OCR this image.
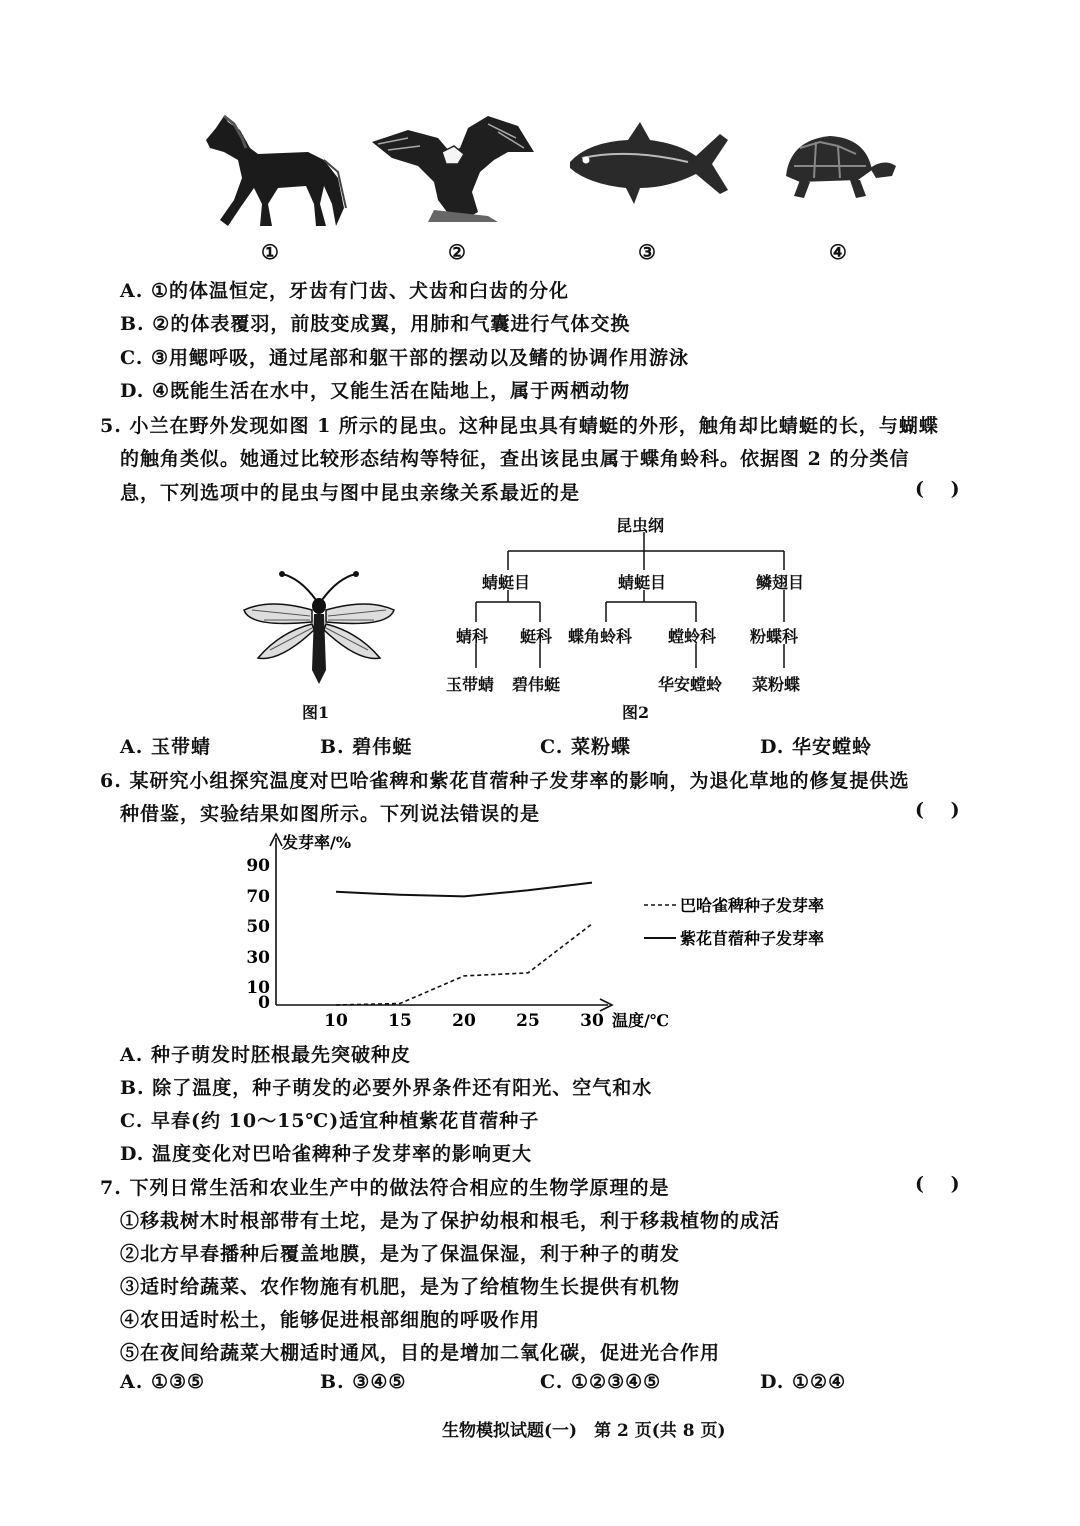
①	②	③	④
A. ①的体温恒定，牙齿有门齿、犬齿和臼齿的分化
B. ②的体表覆羽，前肢变成翼，用肺和气囊进行气体交换
C. ③用鳃呼吸，通过尾部和躯干部的摆动以及鳍的协调作用游泳
D. ④既能生活在水中，又能生活在陆地上，属于两栖动物
5. 小兰在野外发现如图 1 所示的昆虫。这种昆虫具有蜻蜓的外形，触角却比蜻蜓的长，与蝴蝶
的触角类似。她通过比较形态结构等特征，查出该昆虫属于蝶角蛉科。依据图 2 的分类信
息，下列选项中的昆虫与图中昆虫亲缘关系最近的是	( )
图1
昆虫纲
蜻蜓目	蜻蜓目	鳞翅目
蜻科 蜓科 蝶角蛉科 螳蛉科 粉蝶科
玉带蜻 碧伟蜓	华安螳蛉 菜粉蝶
图2
A. 玉带蜻	B. 碧伟蜓	C. 菜粉蝶	D. 华安螳蛉
6. 某研究小组探究温度对巴哈雀稗和紫花苜蓿种子发芽率的影响，为退化草地的修复提供选
种借鉴，实验结果如图所示。下列说法错误的是	( )
0
10
30
50
70
90
10 15 20 25 30
发芽率/%
温度/℃
巴哈雀稗种子发芽率
紫花苜蓿种子发芽率
A. 种子萌发时胚根最先突破种皮
B. 除了温度，种子萌发的必要外界条件还有阳光、空气和水
C. 早春(约 10～15℃)适宜种植紫花苜蓿种子
D. 温度变化对巴哈雀稗种子发芽率的影响更大
7. 下列日常生活和农业生产中的做法符合相应的生物学原理的是	( )
①移栽树木时根部带有土坨，是为了保护幼根和根毛，利于移栽植物的成活
②北方早春播种后覆盖地膜，是为了保温保湿，利于种子的萌发
③适时给蔬菜、农作物施有机肥，是为了给植物生长提供有机物
④农田适时松土，能够促进根部细胞的呼吸作用
⑤在夜间给蔬菜大棚适时通风，目的是增加二氧化碳，促进光合作用
A. ①③⑤	B. ③④⑤	C. ①②③④⑤	D. ①②④
生物模拟试题(一)　第 2 页(共 8 页)
